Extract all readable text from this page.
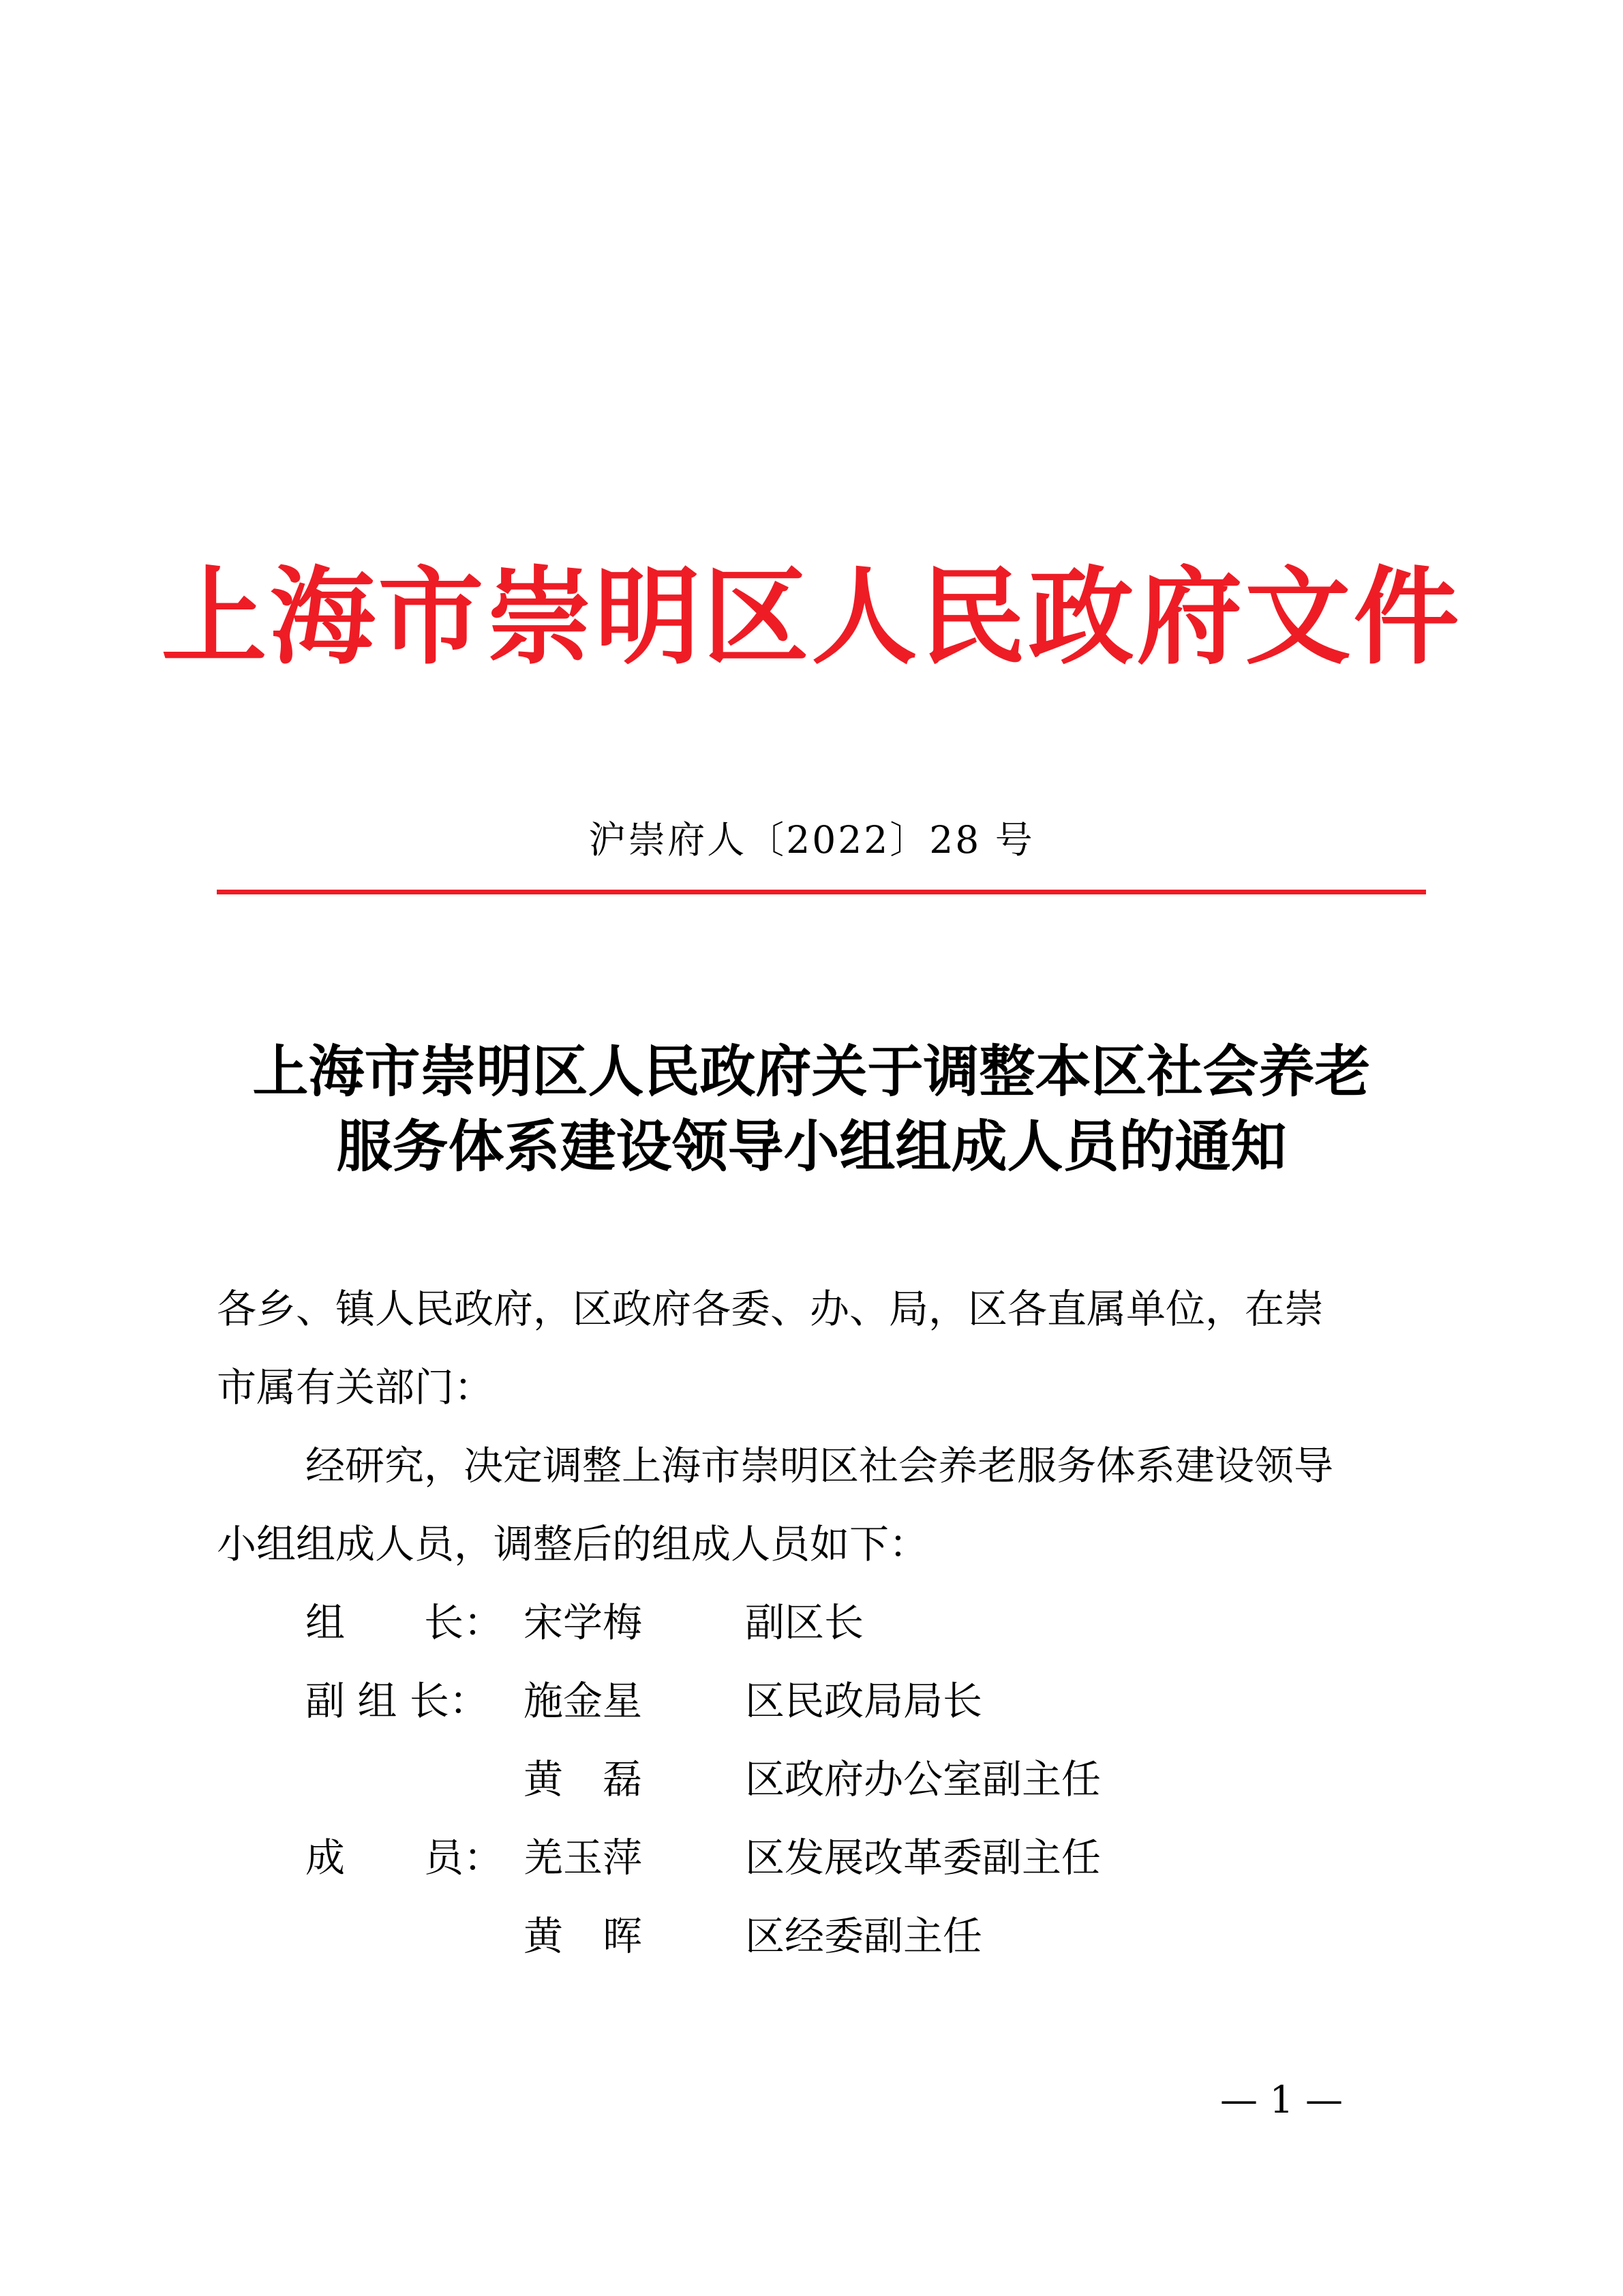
上海市崇明区人民政府文件
沪崇府人〔2022〕28 号
上海市崇明区人民政府关于调整本区社会养老
服务体系建设领导小组组成人员的通知
各乡、镇人民政府，区政府各委、办、局，区各直属单位，在崇
市属有关部门：
经研究，决定调整上海市崇明区社会养老服务体系建设领导
小组组成人员，调整后的组成人员如下：
组　　长： 宋学梅	副区长
副 组 长： 施金星	区民政局局长
黄　磊	区政府办公室副主任
成　　员： 羌玉萍	区发展改革委副主任
黄　晖	区经委副主任
— 1 —
